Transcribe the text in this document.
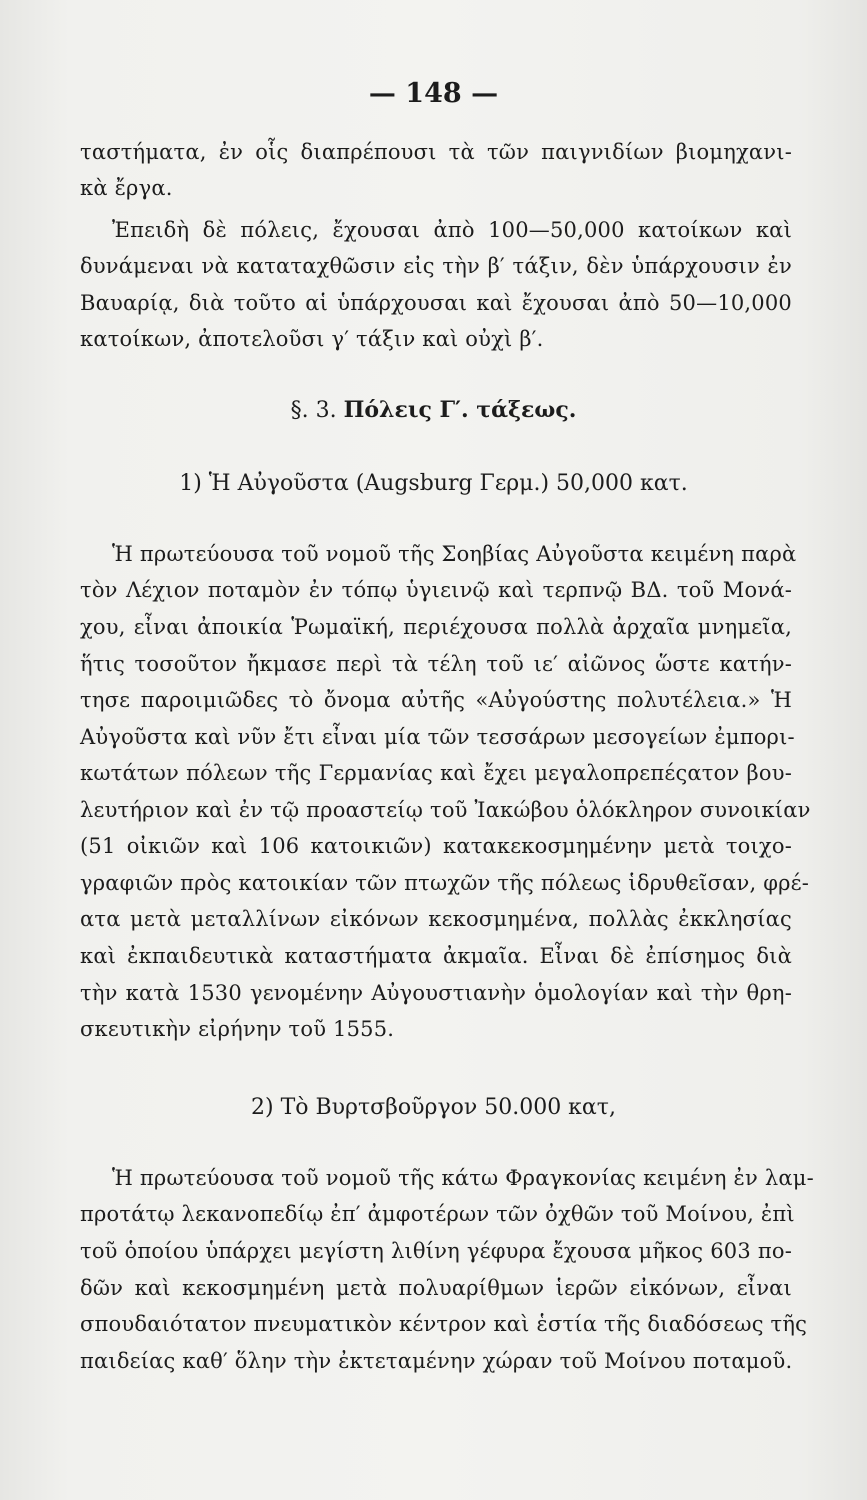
— 148 —
ταστήματα, ἐν οἷς διαπρέπουσι τὰ τῶν παιγνιδίων βιομηχανι-
κὰ ἔργα.
Ἐπειδὴ δὲ πόλεις, ἔχουσαι ἀπὸ 100—50,000 κατοίκων καὶ
δυνάμεναι νὰ καταταχθῶσιν εἰς τὴν β′ τάξιν, δὲν ὑπάρχουσιν ἐν
Βαυαρίᾳ, διὰ τοῦτο αἱ ὑπάρχουσαι καὶ ἔχουσαι ἀπὸ 50—10,000
κατοίκων, ἀποτελοῦσι γ′ τάξιν καὶ οὐχὶ β′.
§. 3. Πόλεις Γ′. τάξεως.
1) Ἡ Αὐγοῦστα (Augsburg Γερμ.) 50,000 κατ.
Ἡ πρωτεύουσα τοῦ νομοῦ τῆς Σοηβίας Αὐγοῦστα κειμένη παρὰ
τὸν Λέχιον ποταμὸν ἐν τόπῳ ὑγιεινῷ καὶ τερπνῷ ΒΔ. τοῦ Μονά-
χου, εἶναι ἀποικία Ῥωμαϊκή, περιέχουσα πολλὰ ἀρχαῖα μνημεῖα,
ἥτις τοσοῦτον ἤκμασε περὶ τὰ τέλη τοῦ ιε′ αἰῶνος ὥστε κατήν-
τησε παροιμιῶδες τὸ ὄνομα αὐτῆς «Αὐγούστης πολυτέλεια.» Ἡ
Αὐγοῦστα καὶ νῦν ἔτι εἶναι μία τῶν τεσσάρων μεσογείων ἐμπορι-
κωτάτων πόλεων τῆς Γερμανίας καὶ ἔχει μεγαλοπρεπέςατον βου-
λευτήριον καὶ ἐν τῷ προαστείῳ τοῦ Ἰακώβου ὁλόκληρον συνοικίαν
(51 οἰκιῶν καὶ 106 κατοικιῶν) κατακεκοσμημένην μετὰ τοιχο-
γραφιῶν πρὸς κατοικίαν τῶν πτωχῶν τῆς πόλεως ἱδρυθεῖσαν, φρέ-
ατα μετὰ μεταλλίνων εἰκόνων κεκοσμημένα, πολλὰς ἐκκλησίας
καὶ ἐκπαιδευτικὰ καταστήματα ἀκμαῖα. Εἶναι δὲ ἐπίσημος διὰ
τὴν κατὰ 1530 γενομένην Αὐγουστιανὴν ὁμολογίαν καὶ τὴν θρη-
σκευτικὴν εἰρήνην τοῦ 1555.
2) Τὸ Βυρτσβοῦργον 50.000 κατ,
Ἡ πρωτεύουσα τοῦ νομοῦ τῆς κάτω Φραγκονίας κειμένη ἐν λαμ-
προτάτῳ λεκανοπεδίῳ ἐπ′ ἀμφοτέρων τῶν ὀχθῶν τοῦ Μοίνου, ἐπὶ
τοῦ ὁποίου ὑπάρχει μεγίστη λιθίνη γέφυρα ἔχουσα μῆκος 603 πο-
δῶν καὶ κεκοσμημένη μετὰ πολυαρίθμων ἱερῶν εἰκόνων, εἶναι
σπουδαιότατον πνευματικὸν κέντρον καὶ ἑστία τῆς διαδόσεως τῆς
παιδείας καθ′ ὅλην τὴν ἐκτεταμένην χώραν τοῦ Μοίνου ποταμοῦ.
